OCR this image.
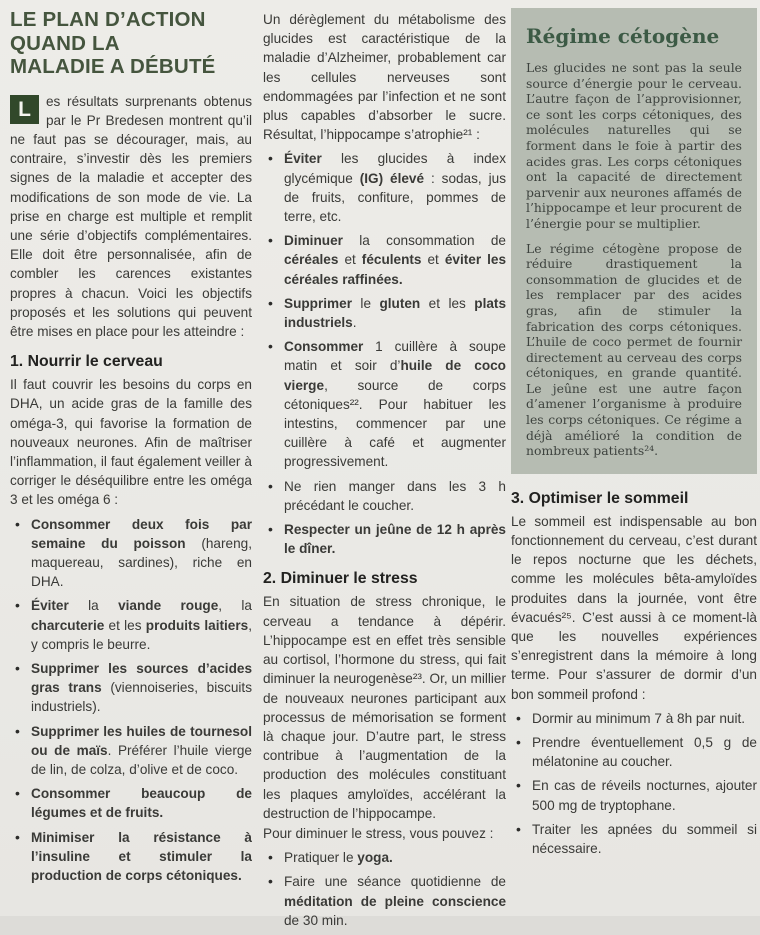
LE PLAN D’ACTION
QUAND LA
MALADIE A DÉBUTÉ

L	es résultats surprenants obtenus par le Pr Bredesen montrent qu’il ne faut pas se décourager, mais, au contraire, s’investir dès les premiers signes de la maladie et accepter des modifications de son mode de vie. La prise en charge est multiple et remplit une série d’objectifs complémentaires. Elle doit être personnalisée, afin de combler les carences existantes propres à chacun. Voici les objectifs proposés et les solutions qui peuvent être mises en place pour les atteindre :

1. Nourrir le cerveau

Il faut couvrir les besoins du corps en DHA, un acide gras de la famille des oméga-3, qui favorise la formation de nouveaux neurones. Afin de maîtriser l’inflammation, il faut également veiller à corriger le déséquilibre entre les oméga 3 et les oméga 6 :

• Consommer deux fois par semaine du poisson (hareng, maquereau, sardines), riche en DHA.
• Éviter la viande rouge, la charcuterie et les produits laitiers, y compris le beurre.
• Supprimer les sources d’acides gras trans (viennoiseries, biscuits industriels).
• Supprimer les huiles de tournesol ou de maïs. Préférer l’huile vierge de lin, de colza, d’olive et de coco.
• Consommer beaucoup de légumes et de fruits.
• Minimiser la résistance à l’insuline et stimuler la production de corps cétoniques.

Un dérèglement du métabolisme des glucides est caractéristique de la maladie d’Alzheimer, probablement car les cellules nerveuses sont endommagées par l’infection et ne sont plus capables d’absorber le sucre. Résultat, l’hippocampe s’atrophie²¹ :

• Éviter les glucides à index glycémique (IG) élevé : sodas, jus de fruits, confiture, pommes de terre, etc.
• Diminuer la consommation de céréales et féculents et éviter les céréales raffinées.
• Supprimer le gluten et les plats industriels.
• Consommer 1 cuillère à soupe matin et soir d’huile de coco vierge, source de corps cétoniques²². Pour habituer les intestins, commencer par une cuillère à café et augmenter progressivement.
• Ne rien manger dans les 3 h précédant le coucher.
• Respecter un jeûne de 12 h après le dîner.
2. Diminuer le stress

En situation de stress chronique, le cerveau a tendance à dépérir. L’hippocampe est en effet très sensible au cortisol, l’hormone du stress, qui fait diminuer la neurogenèse²³. Or, un millier de nouveaux neurones participant aux processus de mémorisation se forment là chaque jour. D’autre part, le stress contribue à l’augmentation de la production des molécules constituant les plaques amyloïdes, accélérant la destruction de l’hippocampe.

Pour diminuer le stress, vous pouvez :

• Pratiquer le yoga.
• Faire une séance quotidienne de méditation de pleine conscience de 30 min.
Régime cétogène

Les glucides ne sont pas la seule source d’énergie pour le cerveau. L’autre façon de l’approvisionner, ce sont les corps cétoniques, des molécules naturelles qui se forment dans le foie à partir des acides gras. Les corps cétoniques ont la capacité de directement parvenir aux neurones affamés de l’hippocampe et leur procurent de l’énergie pour se multiplier.

Le régime cétogène propose de réduire drastiquement la consommation de glucides et de les remplacer par des acides gras, afin de stimuler la fabrication des corps cétoniques. L’huile de coco permet de fournir directement au cerveau des corps cétoniques, en grande quantité. Le jeûne est une autre façon d’amener l’organisme à produire les corps cétoniques. Ce régime a déjà amélioré la condition de nombreux patients²⁴.

3. Optimiser le sommeil

Le sommeil est indispensable au bon fonctionnement du cerveau, c’est durant le repos nocturne que les déchets, comme les molécules bêta-amyloïdes produites dans la journée, vont être évacués²⁵. C’est aussi à ce moment-là que les nouvelles expériences s’enregistrent dans la mémoire à long terme. Pour s’assurer de dormir d’un bon sommeil profond :

• Dormir au minimum 7 à 8h par nuit.
• Prendre éventuellement 0,5 g de mélatonine au coucher.
• En cas de réveils nocturnes, ajouter 500 mg de tryptophane.
• Traiter les apnées du sommeil si nécessaire.
